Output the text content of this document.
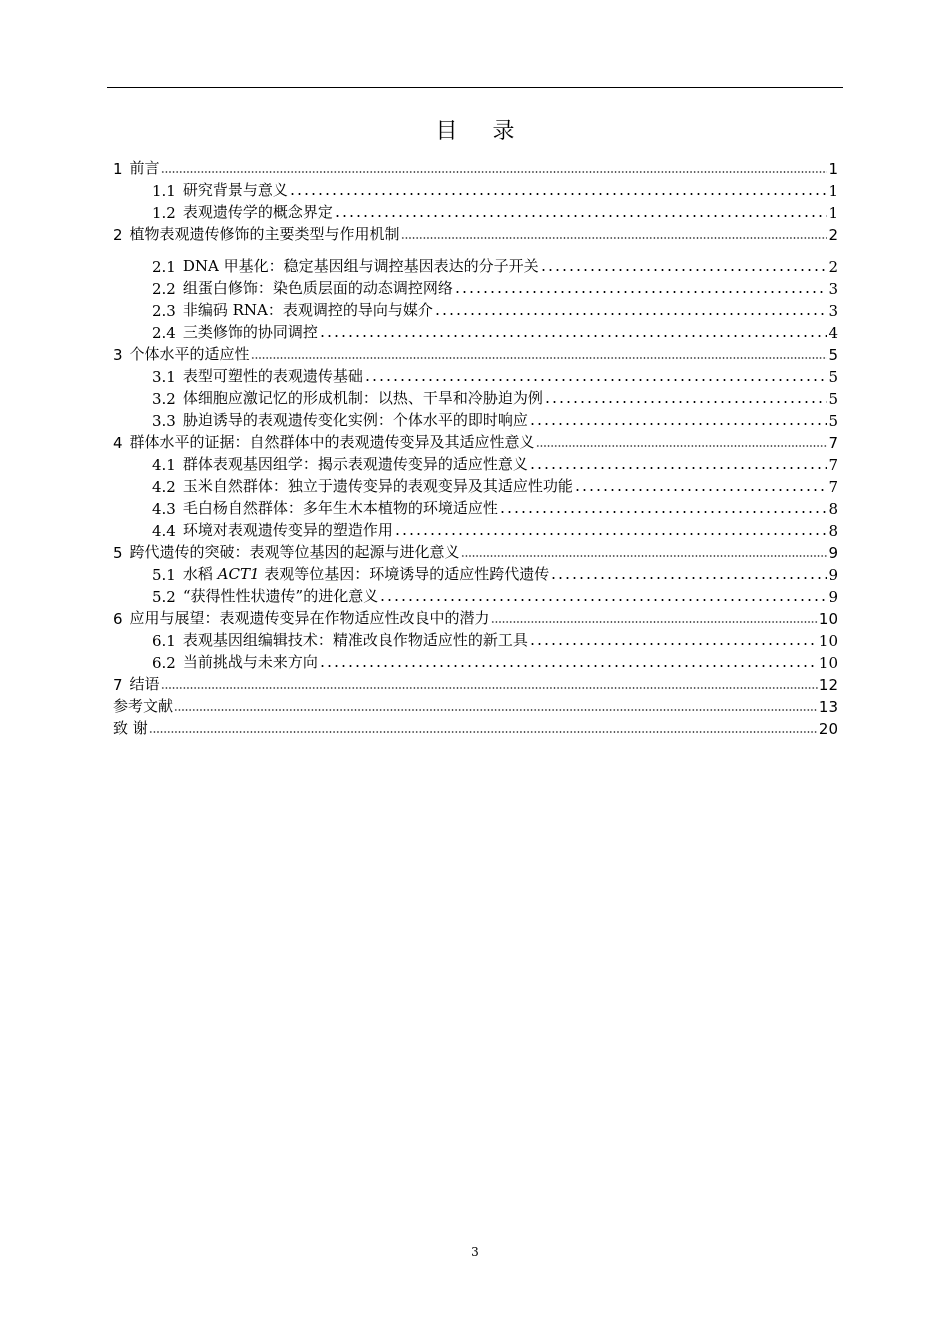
目 录
1 前言	1
1.1 研究背景与意义	1
1.2 表观遗传学的概念界定	1
2 植物表观遗传修饰的主要类型与作用机制	2
2.1 DNA 甲基化：稳定基因组与调控基因表达的分子开关	2
2.2 组蛋白修饰：染色质层面的动态调控网络	3
2.3 非编码 RNA：表观调控的导向与媒介	3
2.4 三类修饰的协同调控	4
3 个体水平的适应性	5
3.1 表型可塑性的表观遗传基础	5
3.2 体细胞应激记忆的形成机制：以热、干旱和冷胁迫为例	5
3.3 胁迫诱导的表观遗传变化实例：个体水平的即时响应	5
4 群体水平的证据：自然群体中的表观遗传变异及其适应性意义	7
4.1 群体表观基因组学：揭示表观遗传变异的适应性意义	7
4.2 玉米自然群体：独立于遗传变异的表观变异及其适应性功能	7
4.3 毛白杨自然群体：多年生木本植物的环境适应性	8
4.4 环境对表观遗传变异的塑造作用	8
5 跨代遗传的突破：表观等位基因的起源与进化意义	9
5.1 水稻 ACT1 表观等位基因：环境诱导的适应性跨代遗传	9
5.2 “获得性性状遗传”的进化意义	9
6 应用与展望：表观遗传变异在作物适应性改良中的潜力	10
6.1 表观基因组编辑技术：精准改良作物适应性的新工具	10
6.2 当前挑战与未来方向	10
7 结语	12
参考文献	13
致 谢	20
3
